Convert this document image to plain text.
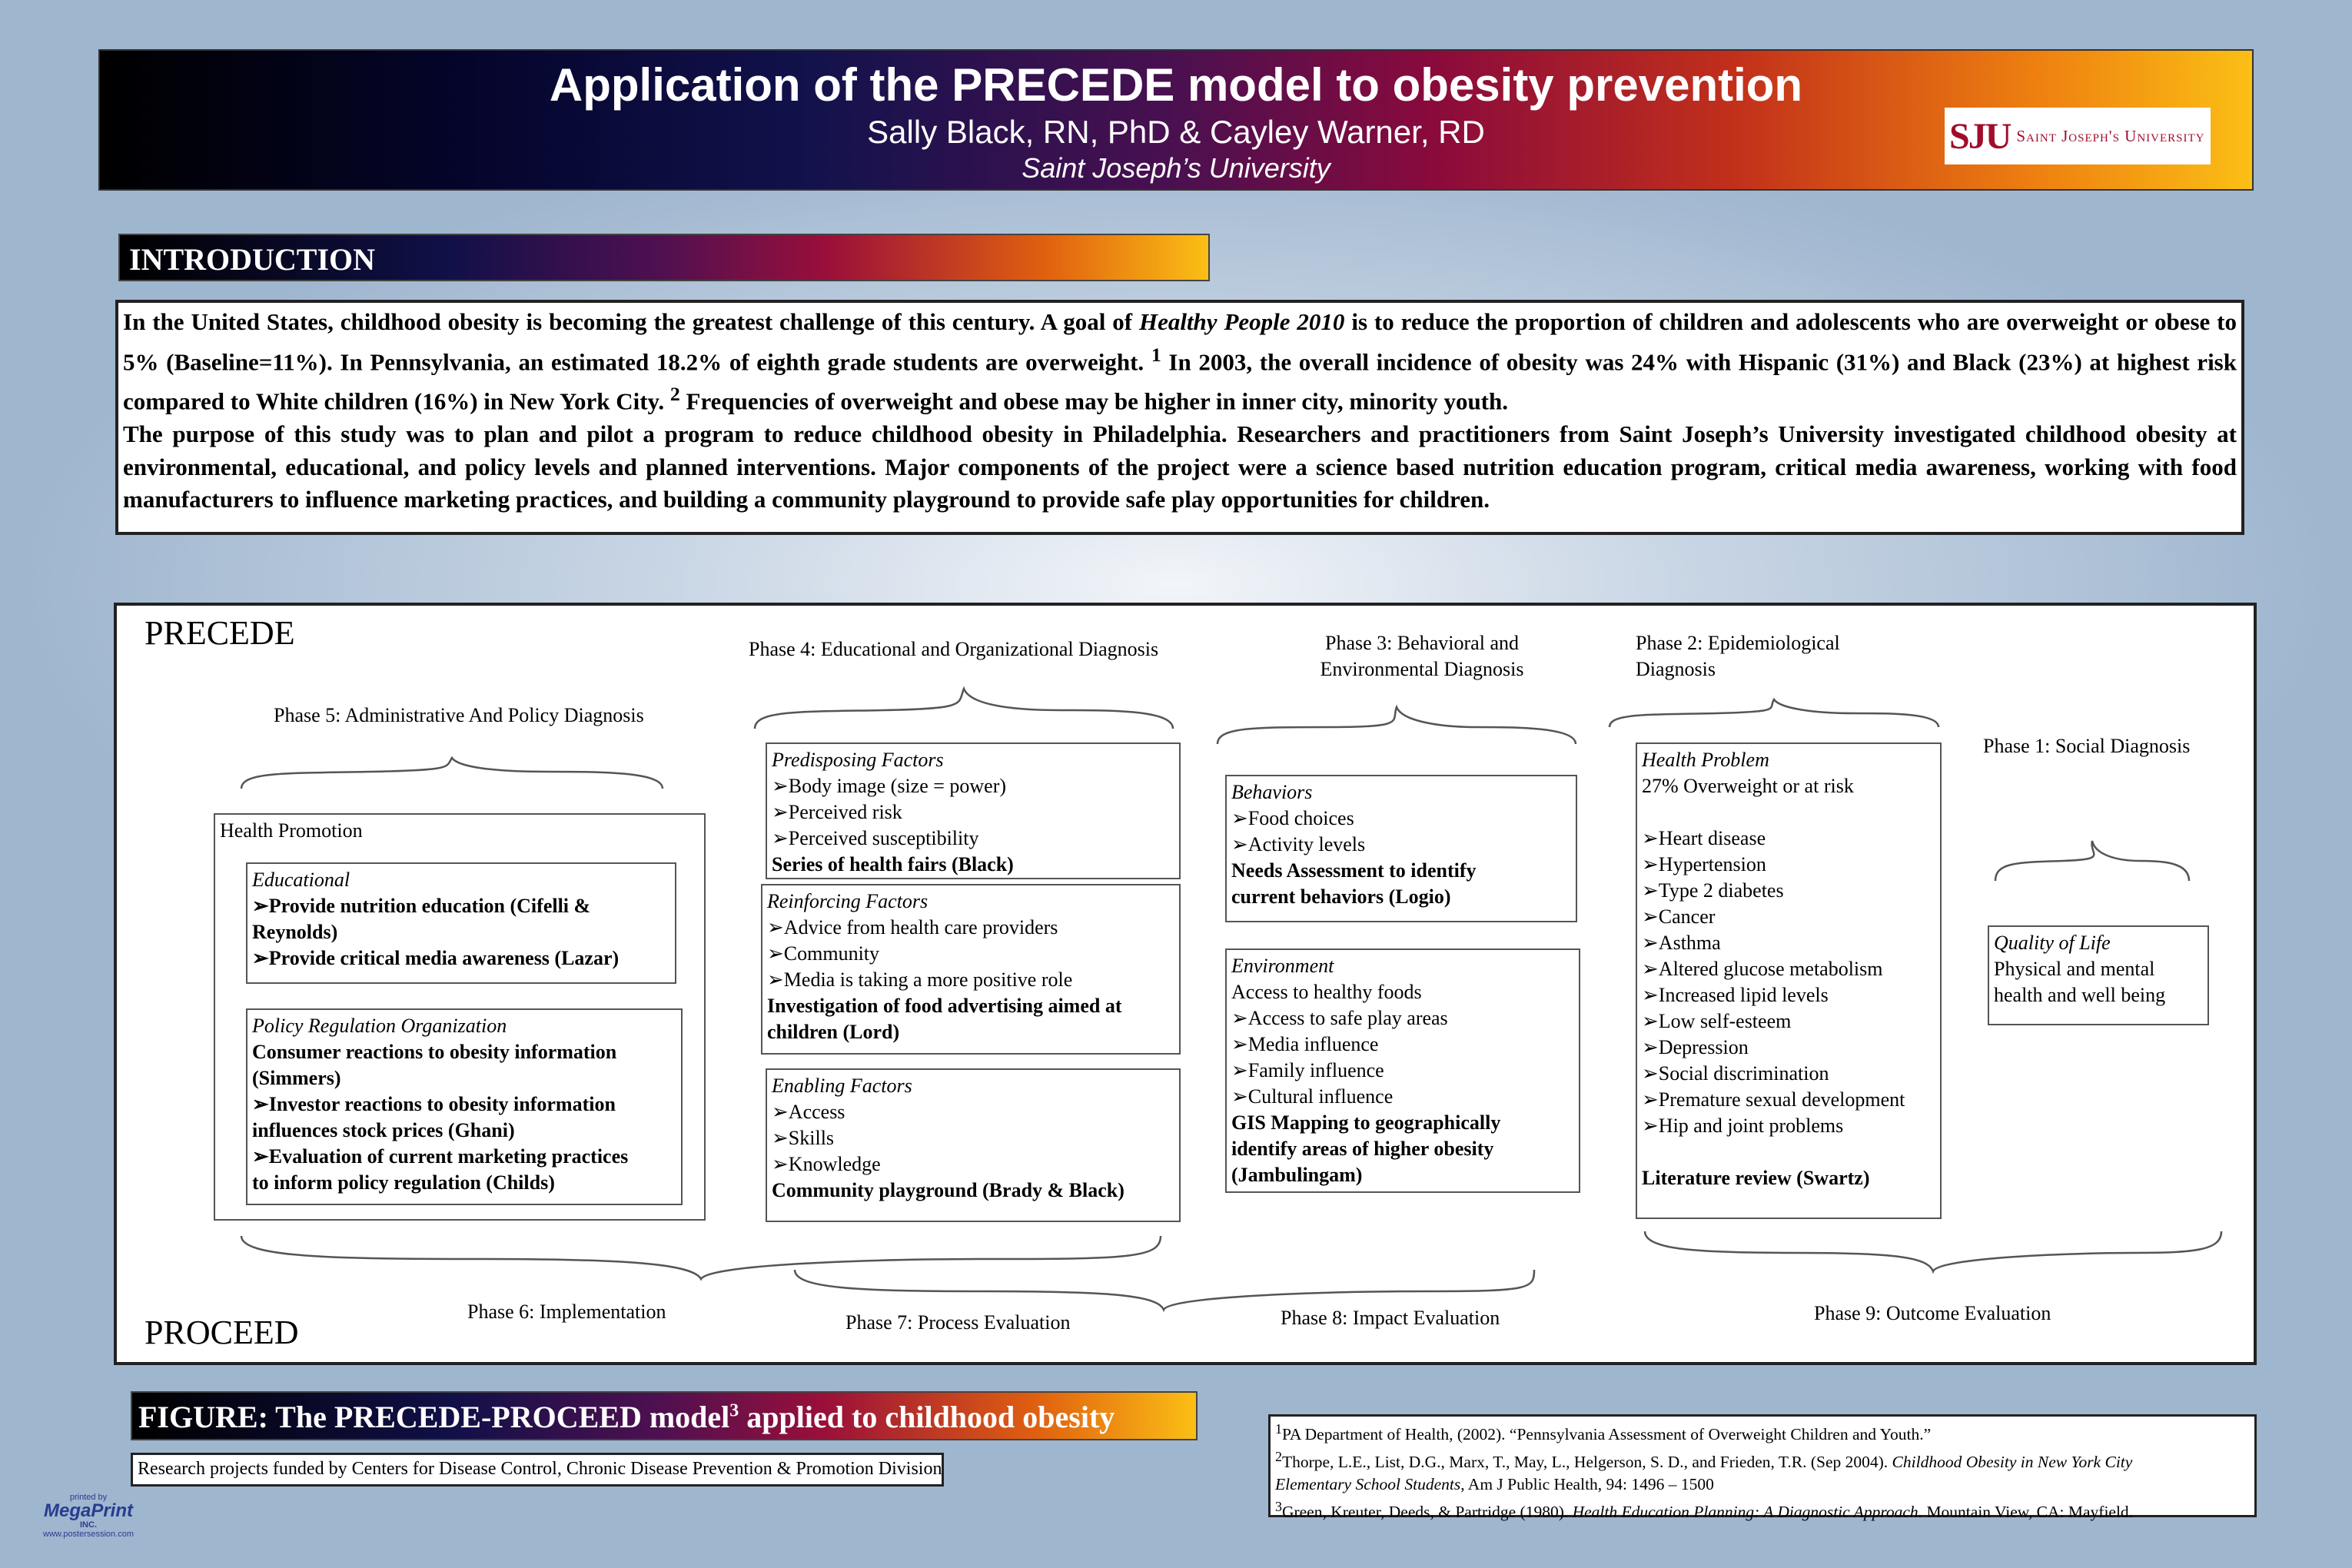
Application of the PRECEDE model to obesity prevention
Sally Black, RN, PhD & Cayley Warner, RD
Saint Joseph’s University
SJU Saint Joseph's University
INTRODUCTION

In the United States, childhood obesity is becoming the greatest challenge of this century. A goal of Healthy People 2010 is to reduce the proportion of children and adolescents who are overweight or obese to 5% (Baseline=11%). In Pennsylvania, an estimated 18.2% of eighth grade students are overweight. $^1$ In 2003, the overall incidence of obesity was 24% with Hispanic (31%) and Black (23%) at highest risk compared to White children (16%) in New York City. $^2$ Frequencies of overweight and obese may be higher in inner city, minority youth.

The purpose of this study was to plan and pilot a program to reduce childhood obesity in Philadelphia. Researchers and practitioners from Saint Joseph’s University investigated childhood obesity at environmental, educational, and policy levels and planned interventions. Major components of the project were a science based nutrition education program, critical media awareness, working with food manufacturers to influence marketing practices, and building a community playground to provide safe play opportunities for children.

PRECEDE
PROCEED
Phase 5: Administrative And Policy Diagnosis
Phase 4: Educational and Organizational Diagnosis	Phase 3: Behavioral and
Environmental Diagnosis
Phase 2: Epidemiological
Diagnosis
Phase 1: Social Diagnosis
Health Promotion
Educational
➢ Provide nutrition education (Cifelli &
Reynolds)
➢ Provide critical media awareness (Lazar)
Policy Regulation Organization
Consumer reactions to obesity information
(Simmers)
➢ Investor reactions to obesity information
influences stock prices (Ghani)
➢ Evaluation of current marketing practices
to inform policy regulation (Childs)
Predisposing Factors
➢ Body image (size = power)
➢ Perceived risk
➢ Perceived susceptibility
Series of health fairs (Black)
Reinforcing Factors
➢ Advice from health care providers
➢ Community
➢ Media is taking a more positive role
Investigation of food advertising aimed at
children (Lord)
Enabling Factors
➢ Access
➢ Skills
➢ Knowledge
Community playground (Brady & Black)
Behaviors
➢ Food choices
➢ Activity levels
Needs Assessment to identify
current behaviors (Logio)
Environment
Access to healthy foods
➢ Access to safe play areas
➢ Media influence
➢ Family influence
➢ Cultural influence
GIS Mapping to geographically
identify areas of higher obesity
(Jambulingam)
Health Problem
27% Overweight or at risk
➢ Heart disease
➢ Hypertension
➢ Type 2 diabetes
➢ Cancer
➢ Asthma
➢ Altered glucose metabolism
➢ Increased lipid levels
➢ Low self-esteem
➢ Depression
➢ Social discrimination
➢ Premature sexual development
➢ Hip and joint problems
Literature review (Swartz)
Quality of Life
Physical and mental
health and well being
Phase 6: Implementation	Phase 7: Process Evaluation	Phase 8: Impact Evaluation	Phase 9: Outcome Evaluation
FIGURE: The PRECEDE-PROCEED model$^3$ applied to childhood obesity
Research projects funded by Centers for Disease Control, Chronic Disease Prevention & Promotion Division

$^1$PA Department of Health, (2002). “Pennsylvania Assessment of Overweight Children and Youth.”

$^2$Thorpe, L.E., List, D.G., Marx, T., May, L., Helgerson, S. D., and Frieden, T.R. (Sep 2004). Childhood Obesity in New York City

Elementary School Students, Am J Public Health, 94: 1496 – 1500

$^3$Green, Kreuter, Deeds, & Partridge (1980). Health Education Planning: A Diagnostic Approach. Mountain View, CA: Mayfield.

printed by
MegaPrint
INC.
www.postersession.com
